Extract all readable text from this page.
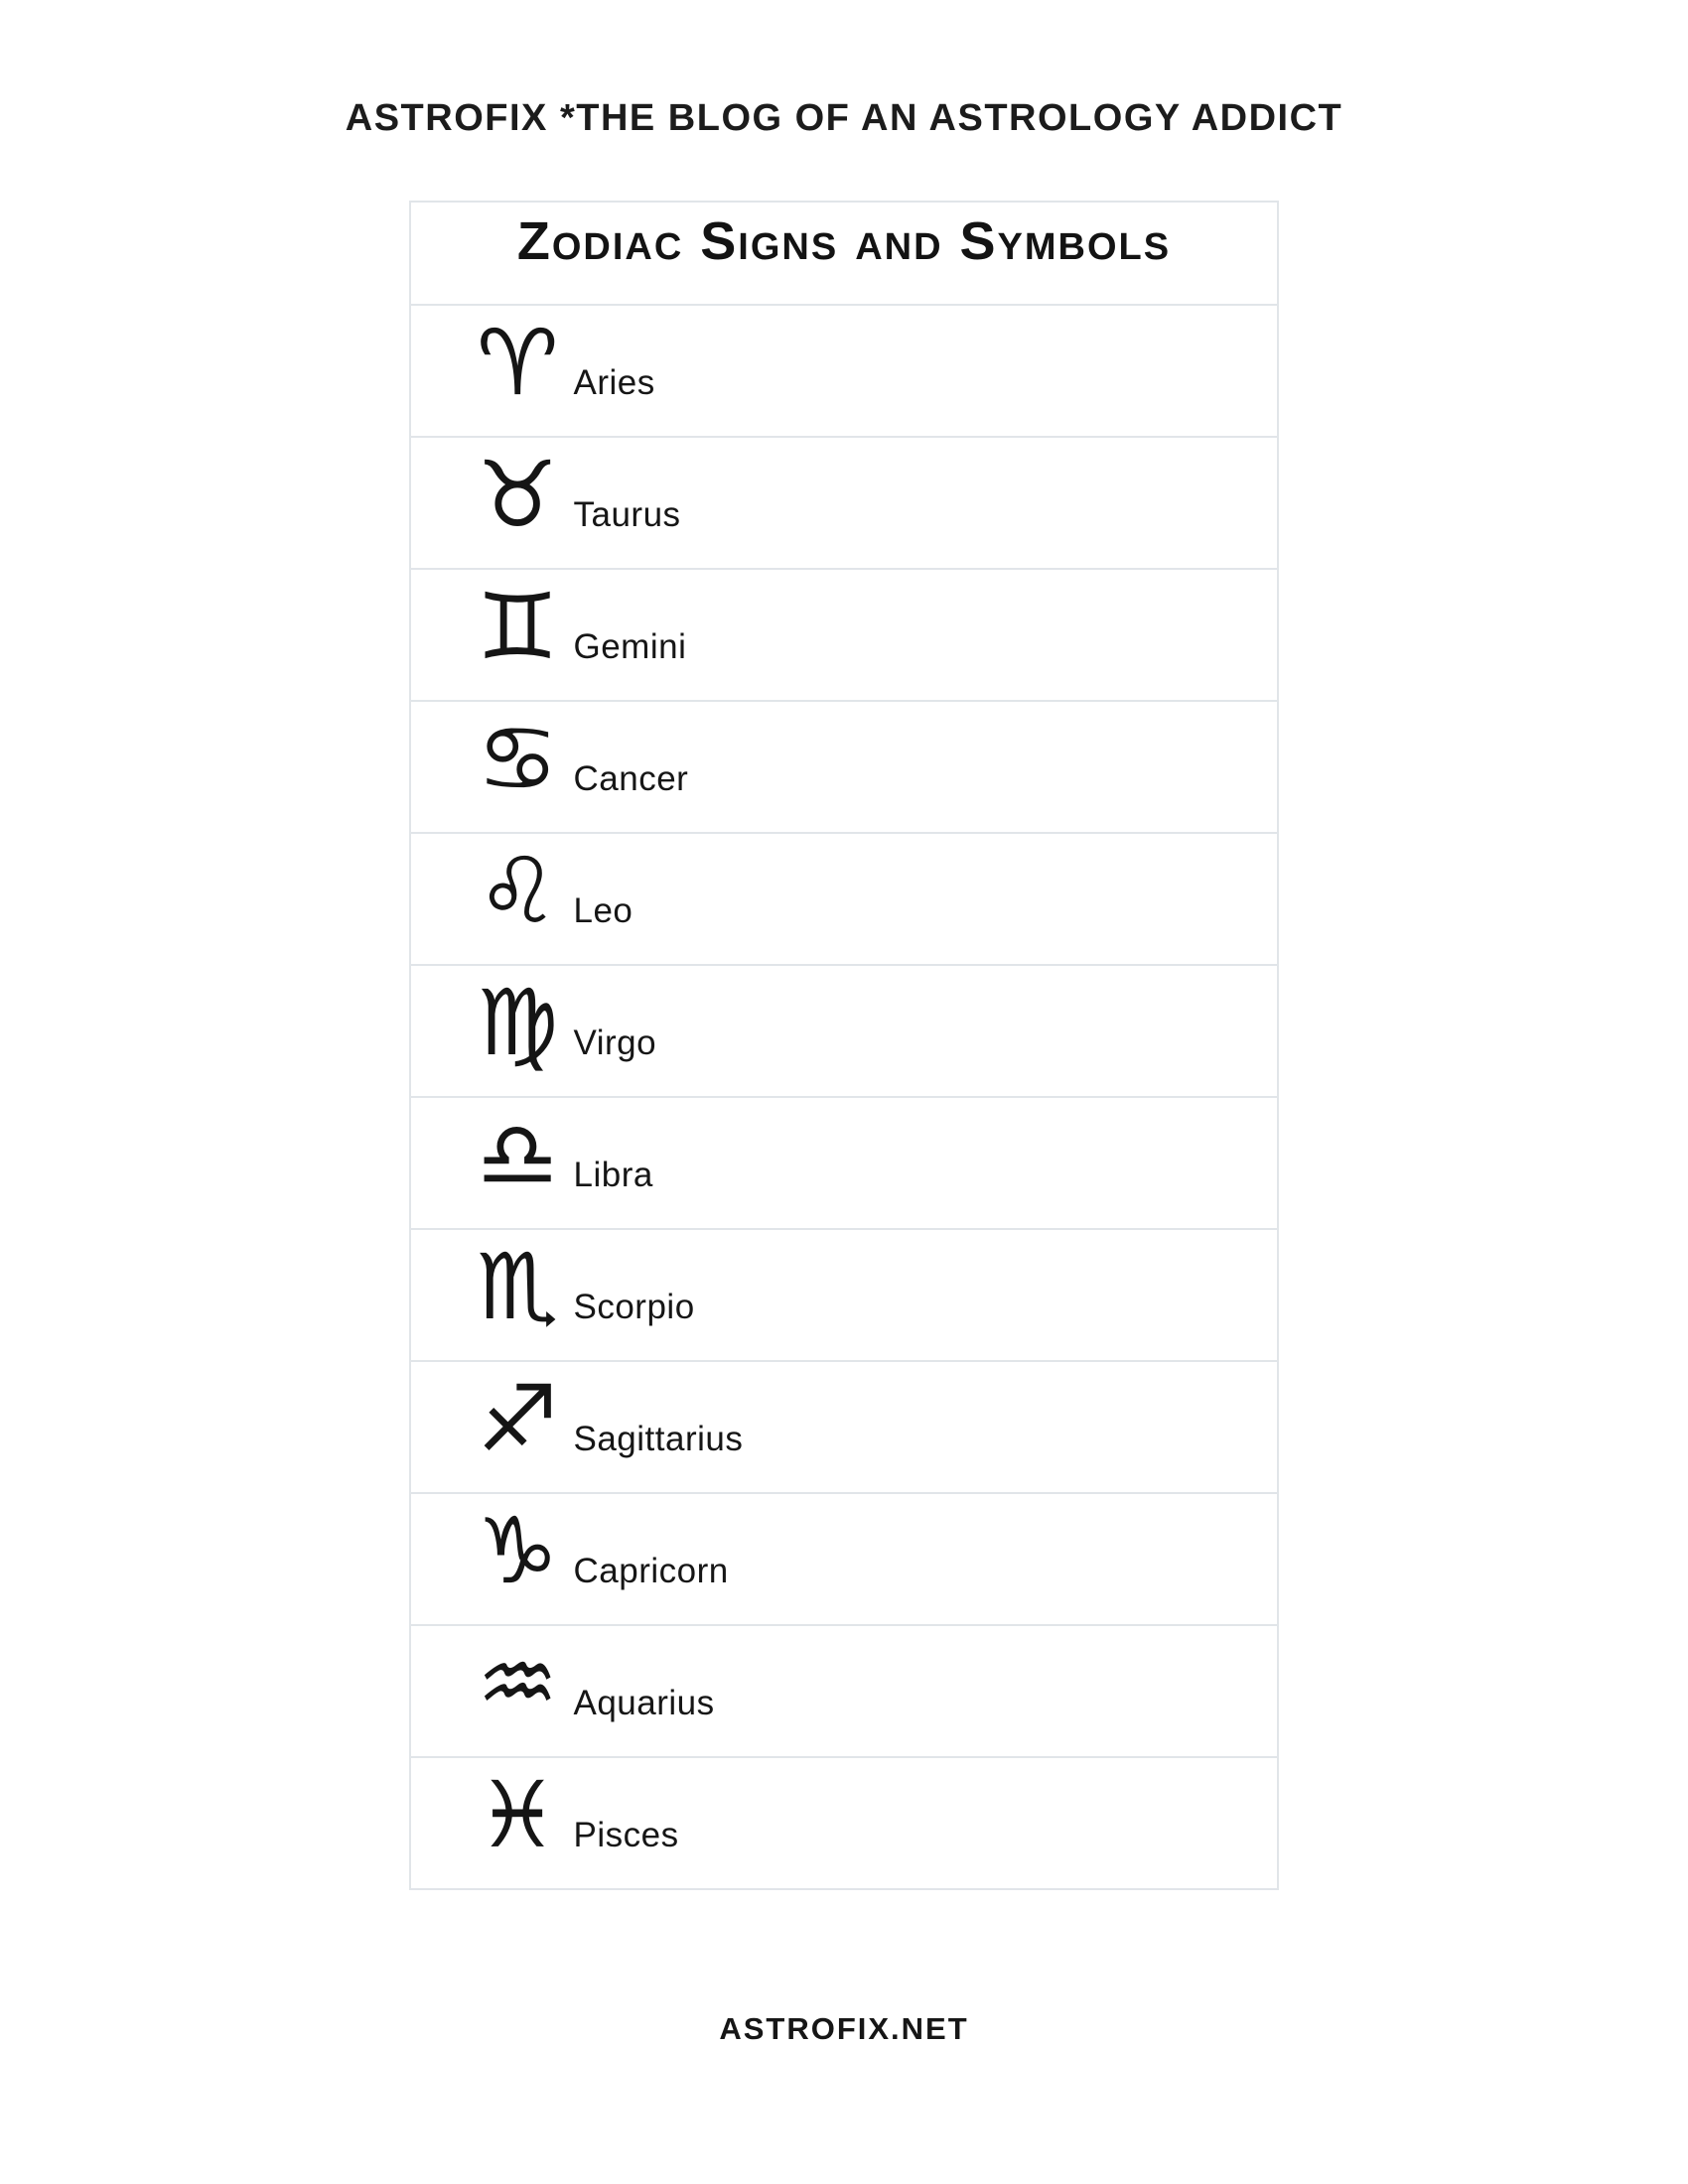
ASTROFIX *THE BLOG OF AN ASTROLOGY ADDICT
Zodiac Signs and Symbols
♈ Aries
♉ Taurus
♊ Gemini
♋ Cancer
♌ Leo
♍ Virgo
♎ Libra
♏ Scorpio
♐ Sagittarius
♑ Capricorn
♒ Aquarius
♓ Pisces
ASTROFIX.NET
